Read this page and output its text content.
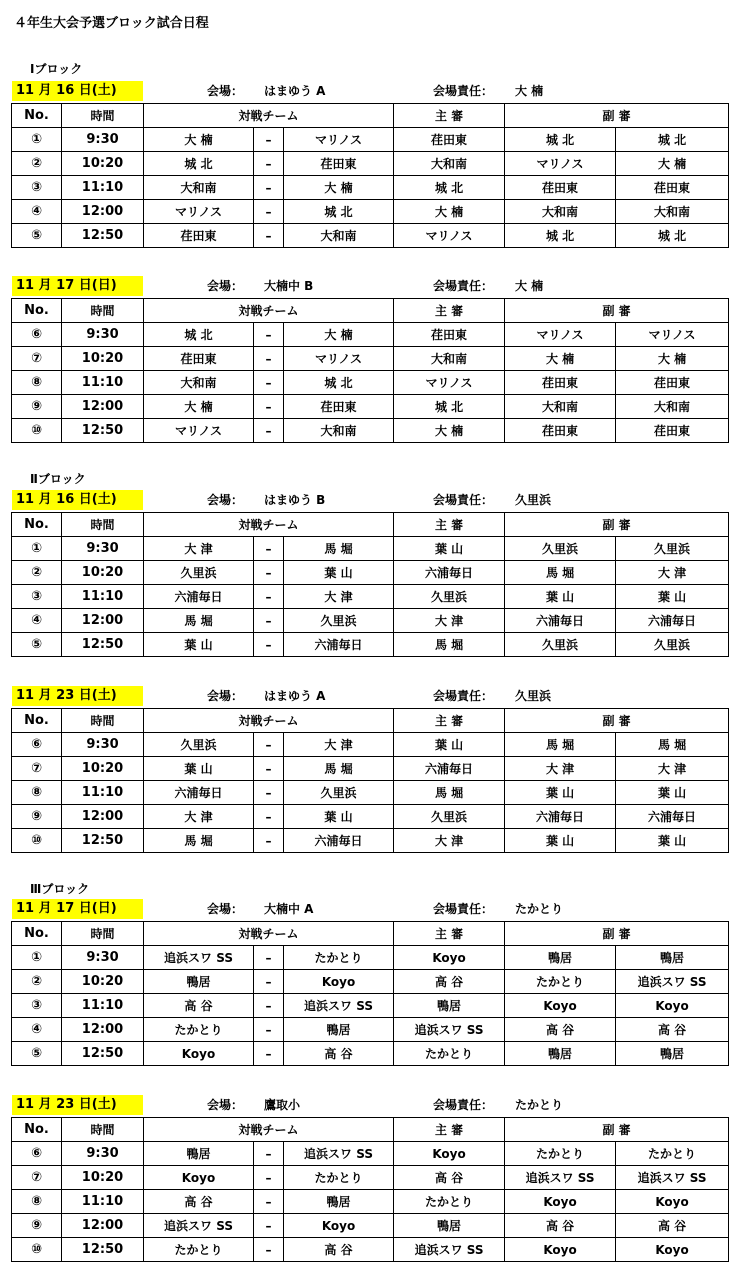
４年生大会予選ブロック試合日程
Ⅰブロック
11 月 16 日(土)	会場： はまゆう A	会場責任： 大 楠
No.	時間	対戦チーム			主 審	副 審	
①	9:30	大 楠	–	マリノス	荏田東	城 北	城 北
②	10:20	城 北	–	荏田東	大和南	マリノス	大 楠
③	11:10	大和南	–	大 楠	城 北	荏田東	荏田東
④	12:00	マリノス	–	城 北	大 楠	大和南	大和南
⑤	12:50	荏田東	–	大和南	マリノス	城 北	城 北
11 月 17 日(日)	会場： 大楠中 B	会場責任： 大 楠
No.	時間	対戦チーム			主 審	副 審	
⑥	9:30	城 北	–	大 楠	荏田東	マリノス	マリノス
⑦	10:20	荏田東	–	マリノス	大和南	大 楠	大 楠
⑧	11:10	大和南	–	城 北	マリノス	荏田東	荏田東
⑨	12:00	大 楠	–	荏田東	城 北	大和南	大和南
⑩	12:50	マリノス	–	大和南	大 楠	荏田東	荏田東
Ⅱブロック
11 月 16 日(土)	会場： はまゆう B	会場責任： 久里浜
No.	時間	対戦チーム			主 審	副 審	
①	9:30	大 津	–	馬 堀	葉 山	久里浜	久里浜
②	10:20	久里浜	–	葉 山	六浦毎日	馬 堀	大 津
③	11:10	六浦毎日	–	大 津	久里浜	葉 山	葉 山
④	12:00	馬 堀	–	久里浜	大 津	六浦毎日	六浦毎日
⑤	12:50	葉 山	–	六浦毎日	馬 堀	久里浜	久里浜
11 月 23 日(土)	会場： はまゆう A	会場責任： 久里浜
No.	時間	対戦チーム			主 審	副 審	
⑥	9:30	久里浜	–	大 津	葉 山	馬 堀	馬 堀
⑦	10:20	葉 山	–	馬 堀	六浦毎日	大 津	大 津
⑧	11:10	六浦毎日	–	久里浜	馬 堀	葉 山	葉 山
⑨	12:00	大 津	–	葉 山	久里浜	六浦毎日	六浦毎日
⑩	12:50	馬 堀	–	六浦毎日	大 津	葉 山	葉 山
Ⅲブロック
11 月 17 日(日)	会場： 大楠中 A	会場責任： たかとり
No.	時間	対戦チーム			主 審	副 審	
①	9:30	追浜スワ SS	–	たかとり	Koyo	鴨居	鴨居
②	10:20	鴨居	–	Koyo	高 谷	たかとり	追浜スワ SS
③	11:10	高 谷	–	追浜スワ SS	鴨居	Koyo	Koyo
④	12:00	たかとり	–	鴨居	追浜スワ SS	高 谷	高 谷
⑤	12:50	Koyo	–	高 谷	たかとり	鴨居	鴨居
11 月 23 日(土)	会場： 鷹取小	会場責任： たかとり
No.	時間	対戦チーム			主 審	副 審	
⑥	9:30	鴨居	–	追浜スワ SS	Koyo	たかとり	たかとり
⑦	10:20	Koyo	–	たかとり	高 谷	追浜スワ SS	追浜スワ SS
⑧	11:10	高 谷	–	鴨居	たかとり	Koyo	Koyo
⑨	12:00	追浜スワ SS	–	Koyo	鴨居	高 谷	高 谷
⑩	12:50	たかとり	–	高 谷	追浜スワ SS	Koyo	Koyo
